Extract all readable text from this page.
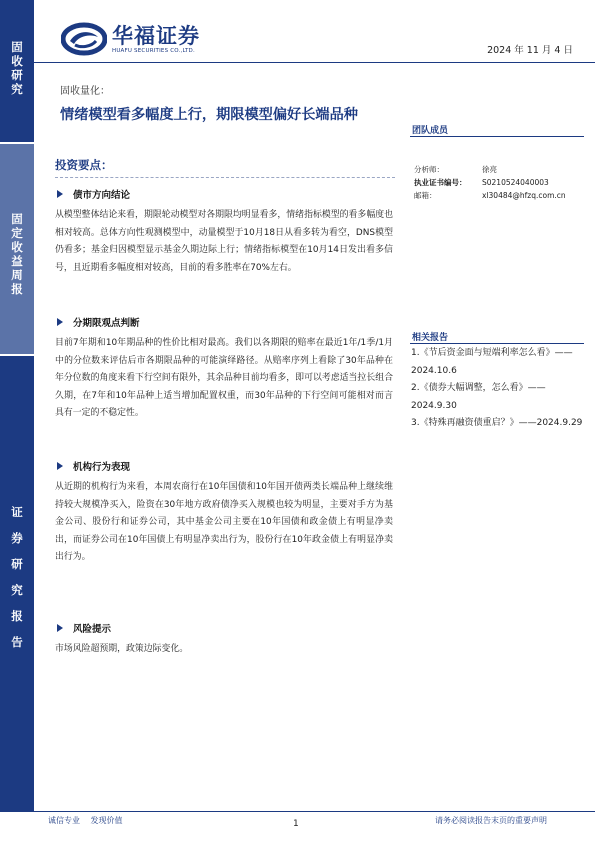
固
收
研
究
固
定
收
益
周
报
证
券
研
究
报
告
华福证券
HUAFU SECURITIES CO.,LTD.	2024 年 11 月 4 日
固收量化：
情绪模型看多幅度上行，期限模型偏好长端品种
团队成员
分析师：	徐亮
执业证书编号： S0210524040003
邮箱：	xl30484@hfzq.com.cn
投资要点：
债市方向结论
从模型整体结论来看，期限轮动模型对各期限均明显看多，情绪指标模型的看多幅度也相对较高。总体方向性观测模型中，动量模型于10月18日从看多转为看空，DNS模型仍看多；基金归因模型显示基金久期边际上行；情绪指标模型在10月14日发出看多信号，且近期看多幅度相对较高，目前的看多胜率在70%左右。
分期限观点判断
目前7年期和10年期品种的性价比相对最高。我们以各期限的赔率在最近1年/1季/1月中的分位数来评估后市各期限品种的可能演绎路径。从赔率序列上看除了30年品种在年分位数的角度来看下行空间有限外，其余品种目前均看多，即可以考虑适当拉长组合久期，在7年和10年品种上适当增加配置权重，而30年品种的下行空间可能相对而言具有一定的不稳定性。
机构行为表现
从近期的机构行为来看，本周农商行在10年国债和10年国开债两类长端品种上继续维持较大规模净买入，险资在30年地方政府债净买入规模也较为明显，主要对手方为基金公司、股份行和证券公司，其中基金公司主要在10年国债和政金债上有明显净卖出，而证券公司在10年国债上有明显净卖出行为，股份行在10年政金债上有明显净卖出行为。
风险提示
市场风险超预期，政策边际变化。
相关报告
1.《节后资金面与短端利率怎么看》——2024.10.6
2.《债券大幅调整，怎么看》——2024.9.30
3.《特殊再融资债重启？》——2024.9.29
诚信专业 发现价值	1	请务必阅读报告末页的重要声明
